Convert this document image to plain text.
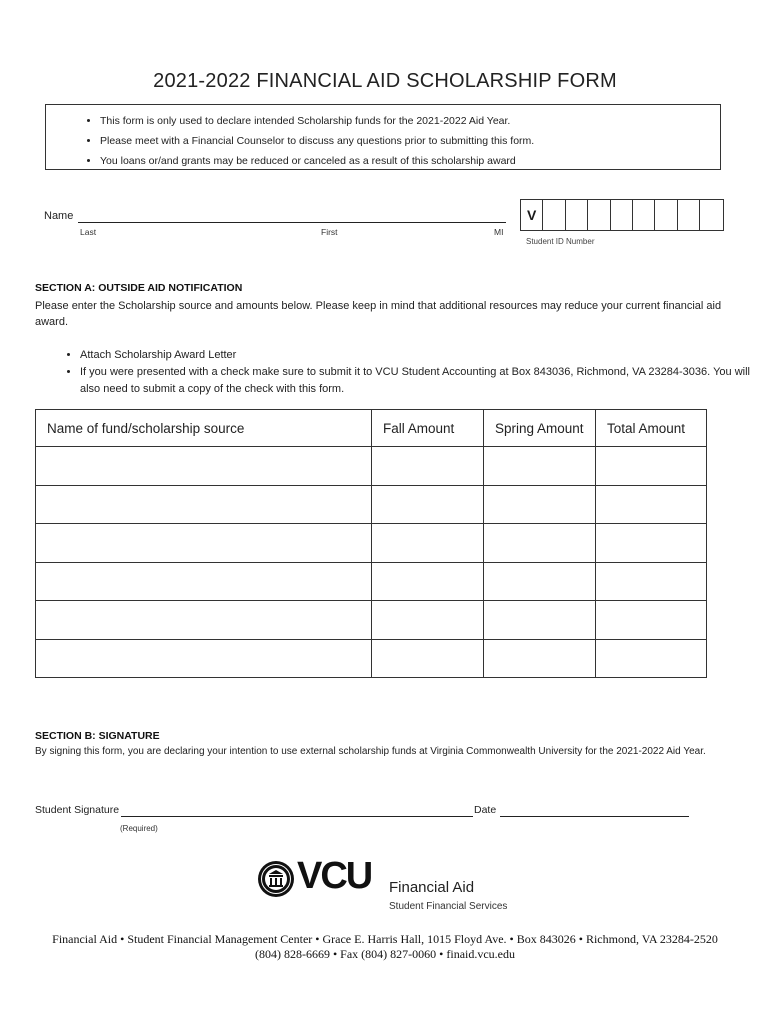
2021-2022 FINANCIAL AID SCHOLARSHIP FORM
• This form is only used to declare intended Scholarship funds for the 2021-2022 Aid Year.
• Please meet with a Financial Counselor to discuss any questions prior to submitting this form.
• You loans or/and grants may be reduced or canceled as a result of this scholarship award
Name
Last	First	MI
V
Student ID Number
SECTION A: OUTSIDE AID NOTIFICATION
Please enter the Scholarship source and amounts below. Please keep in mind that additional resources may reduce your current financial aid award.
• Attach Scholarship Award Letter
• If you were presented with a check make sure to submit it to VCU Student Accounting at Box 843036, Richmond, VA 23284-3036. You will also need to submit a copy of the check with this form.
Name of fund/scholarship source	Fall Amount	Spring Amount	Total Amount

SECTION B: SIGNATURE
By signing this form, you are declaring your intention to use external scholarship funds at Virginia Commonwealth University for the 2021-2022 Aid Year.
Student Signature	Date
(Required)
VCU Financial Aid
Student Financial Services
Financial Aid • Student Financial Management Center • Grace E. Harris Hall, 1015 Floyd Ave. • Box 843026 • Richmond, VA 23284-2520
(804) 828-6669 • Fax (804) 827-0060 • finaid.vcu.edu
